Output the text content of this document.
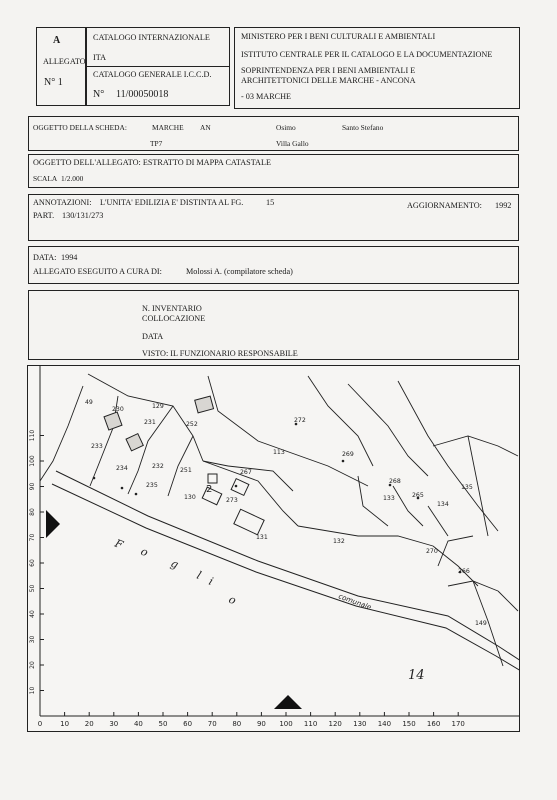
A
ALLEGATO
N° 1
CATALOGO INTERNAZIONALE
ITA
CATALOGO GENERALE I.C.C.D.
N° 11/00050018
MINISTERO PER I BENI CULTURALI E AMBIENTALI
ISTITUTO CENTRALE PER IL CATALOGO E LA DOCUMENTAZIONE
SOPRINTENDENZA PER I BENI AMBIENTALI E
ARCHITETTONICI DELLE MARCHE - ANCONA
- 03 MARCHE
OGGETTO DELLA SCHEDA:	MARCHE AN	Osimo	Santo Stefano
TP7	Villa Gallo
OGGETTO DELL'ALLEGATO: ESTRATTO DI MAPPA CATASTALE
SCALA 1/2.000
ANNOTAZIONI: L'UNITA' EDILIZIA E' DISTINTA AL FG.	15	AGGIORNAMENTO: 1992
PART. 130/131/273
DATA: 1994
ALLEGATO ESEGUITO A CURA DI:	Molossi A. (compilatore scheda)
N. INVENTARIO
COLLOCAZIONE
DATA
VISTO: IL FUNZIONARIO RESPONSABILE
0	10 20 30 40 50 60 70 80 90 100 110 120 130 140 150 160 170
10
20
30
40
50
60
70
80
90
100
110
49
230	129
231	252
272
233
113	269
234	232
251	267
268
265
135
235	2
130	273	133
134
131
132
270
266
149
F
o
g
l i
o	comunale
14
